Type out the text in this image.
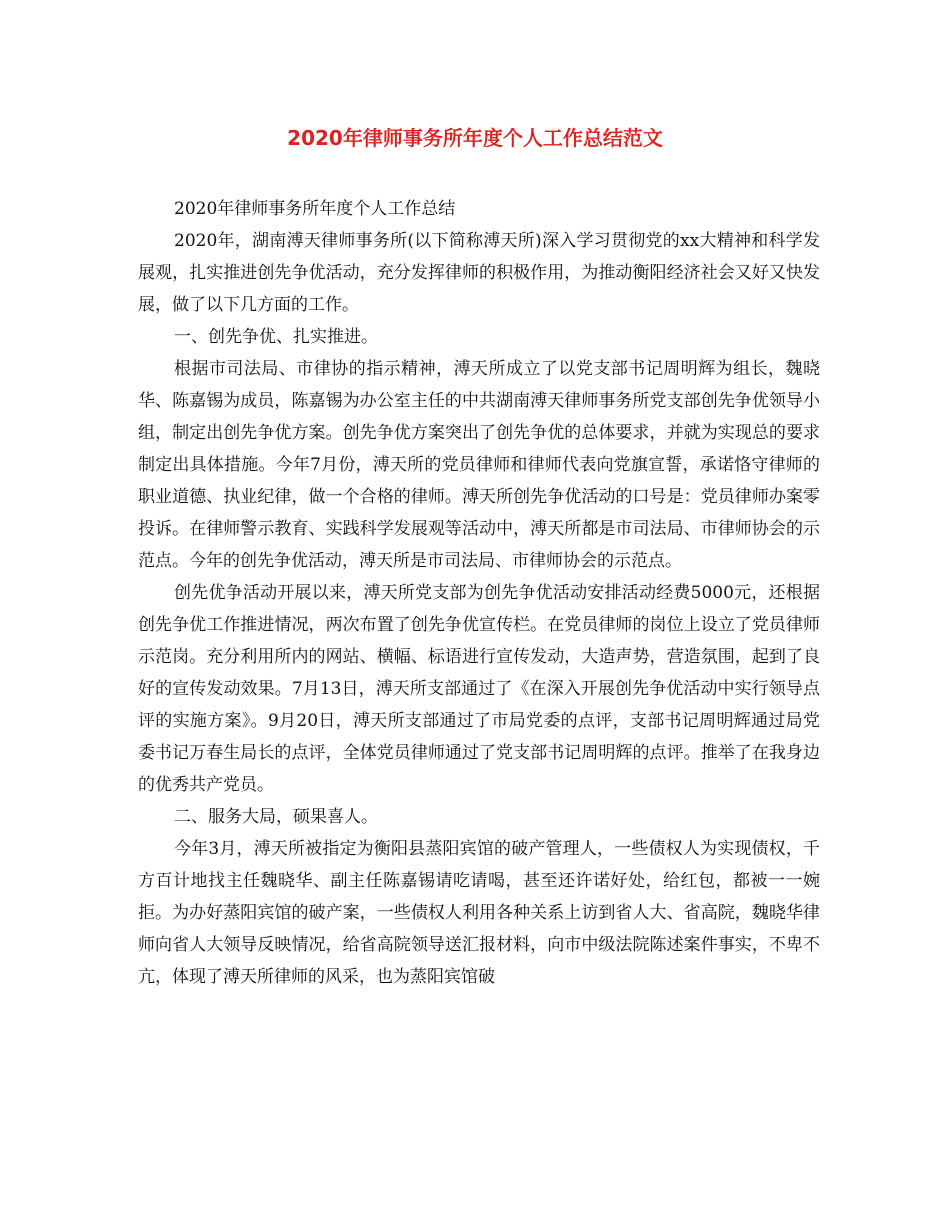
2020年律师事务所年度个人工作总结范文

2020年律师事务所年度个人工作总结

2020年，湖南溥天律师事务所(以下简称溥天所)深入学习贯彻党的xx大精神和科学发展观，扎实推进创先争优活动，充分发挥律师的积极作用，为推动衡阳经济社会又好又快发展，做了以下几方面的工作。

一、创先争优、扎实推进。

根据市司法局、市律协的指示精神，溥天所成立了以党支部书记周明辉为组长，魏晓华、陈嘉锡为成员，陈嘉锡为办公室主任的中共湖南溥天律师事务所党支部创先争优领导小组，制定出创先争优方案。创先争优方案突出了创先争优的总体要求，并就为实现总的要求制定出具体措施。今年7月份，溥天所的党员律师和律师代表向党旗宣誓，承诺恪守律师的职业道德、执业纪律，做一个合格的律师。溥天所创先争优活动的口号是：党员律师办案零投诉。在律师警示教育、实践科学发展观等活动中，溥天所都是市司法局、市律师协会的示范点。今年的创先争优活动，溥天所是市司法局、市律师协会的示范点。

创先优争活动开展以来，溥天所党支部为创先争优活动安排活动经费5000元，还根据创先争优工作推进情况，两次布置了创先争优宣传栏。在党员律师的岗位上设立了党员律师示范岗。充分利用所内的网站、横幅、标语进行宣传发动，大造声势，营造氛围，起到了良好的宣传发动效果。7月13日，溥天所支部通过了《在深入开展创先争优活动中实行领导点评的实施方案》。9月20日，溥天所支部通过了市局党委的点评，支部书记周明辉通过局党委书记万春生局长的点评，全体党员律师通过了党支部书记周明辉的点评。推举了在我身边的优秀共产党员。

二、服务大局，硕果喜人。

今年3月，溥天所被指定为衡阳县蒸阳宾馆的破产管理人，一些债权人为实现债权，千方百计地找主任魏晓华、副主任陈嘉锡请吃请喝，甚至还许诺好处，给红包，都被一一婉拒。为办好蒸阳宾馆的破产案，一些债权人利用各种关系上访到省人大、省高院，魏晓华律师向省人大领导反映情况，给省高院领导送汇报材料，向市中级法院陈述案件事实，不卑不亢，体现了溥天所律师的风采，也为蒸阳宾馆破
